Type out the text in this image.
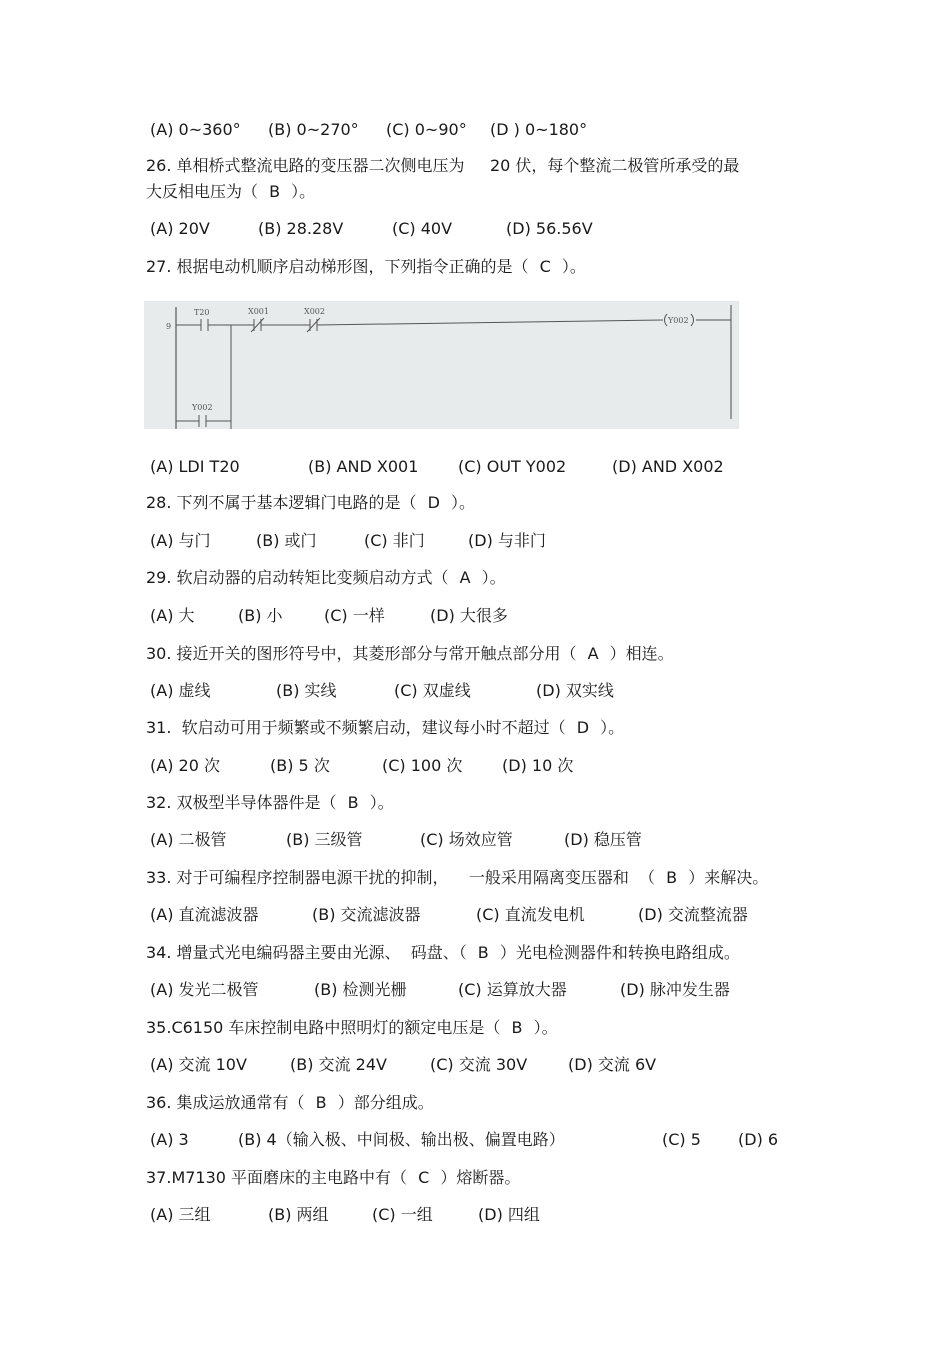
(A) 0~360° (B) 0~270° (C) 0~90° (D ) 0~180°
26. 单相桥式整流电路的变压器二次侧电压为     20 伏，每个整流二极管所承受的最
大反相电压为（ B ）。
(A) 20V	(B) 28.28V	(C) 40V	(D) 56.56V
27. 根据电动机顺序启动梯形图，下列指令正确的是（ C ）。
9
T20	X001	X002
Y002
Y002
(A) LDI T20	(B) AND X001 (C) OUT Y002	(D) AND X002
28. 下列不属于基本逻辑门电路的是（ D ）。
(A) 与门	(B) 或门	(C) 非门	(D) 与非门
29. 软启动器的启动转矩比变频启动方式（ A ）。
(A) 大	(B) 小	(C) 一样	(D) 大很多
30. 接近开关的图形符号中，其菱形部分与常开触点部分用（ A ）相连。
(A) 虚线	(B) 实线	(C) 双虚线	(D) 双实线
31.  软启动可用于频繁或不频繁启动，建议每小时不超过（ D ）。
(A) 20 次	(B) 5 次	(C) 100 次 (D) 10 次
32. 双极型半导体器件是（ B ）。
(A) 二极管	(B) 三级管	(C) 场效应管	(D) 稳压管
33. 对于可编程序控制器电源干扰的抑制，    一般采用隔离变压器和  （ B ）来解决。
(A) 直流滤波器	(B) 交流滤波器	(C) 直流发电机	(D) 交流整流器
34. 增量式光电编码器主要由光源、  码盘、（ B ）光电检测器件和转换电路组成。
(A) 发光二极管	(B) 检测光栅	(C) 运算放大器	(D) 脉冲发生器
35.C6150 车床控制电路中照明灯的额定电压是（ B ）。
(A) 交流 10V	(B) 交流 24V	(C) 交流 30V	(D) 交流 6V
36. 集成运放通常有（ B ）部分组成。
(A) 3	(B) 4（输入极、中间极、输出极、偏置电路）	(C) 5 (D) 6
37.M7130 平面磨床的主电路中有（ C ）熔断器。
(A) 三组	(B) 两组	(C) 一组	(D) 四组
